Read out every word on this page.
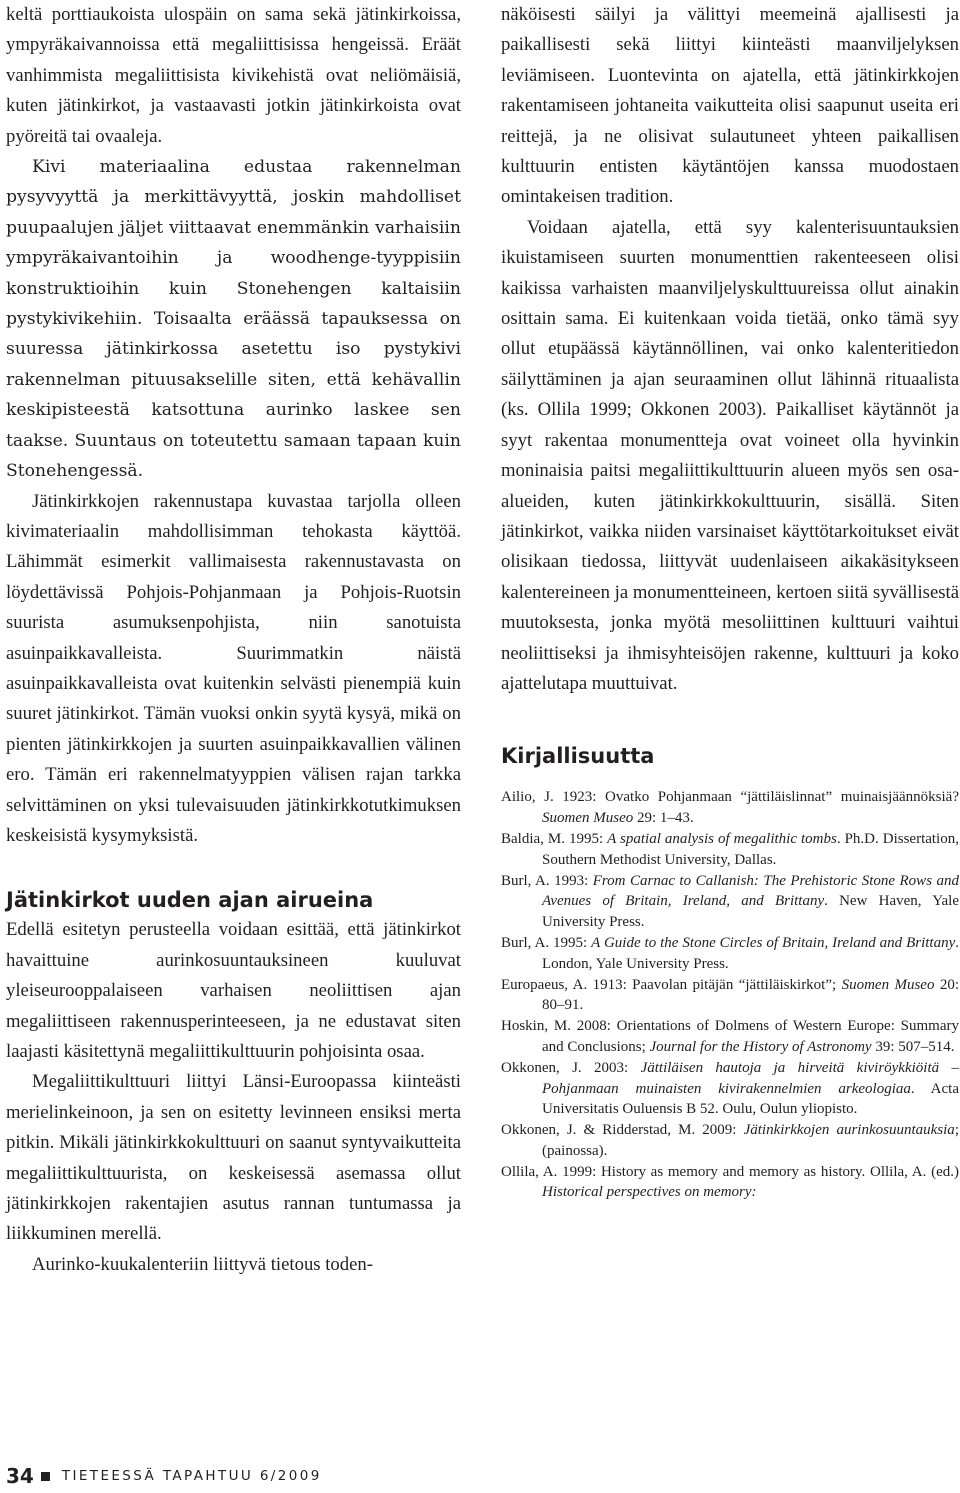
keltä porttiaukoista ulospäin on sama sekä jätinkirkoissa, ympyräkaivannoissa että megaliittisissa hengeissä. Eräät vanhimmista megaliittisista kivikehistä ovat neliömäisiä, kuten jätinkirkot, ja vastaavasti jotkin jätinkirkoista ovat pyöreitä tai ovaaleja.

Kivi materiaalina edustaa rakennelman pysyvyyttä ja merkittävyyttä, joskin mahdolliset puupaalujen jäljet viittaavat enemmänkin varhaisiin ympyräkaivantoihin ja woodhenge-tyyppisiin konstruktioihin kuin Stonehengen kaltaisiin pystykivikehiin. Toisaalta eräässä tapauksessa on suuressa jätinkirkossa asetettu iso pystykivi rakennelman pituusakselille siten, että kehävallin keskipisteestä katsottuna aurinko laskee sen taakse. Suuntaus on toteutettu samaan tapaan kuin Stonehengessä.

Jätinkirkkojen rakennustapa kuvastaa tarjolla olleen kivimateriaalin mahdollisimman tehokasta käyttöä. Lähimmät esimerkit vallimaisesta rakennustavasta on löydettävissä Pohjois-Pohjanmaan ja Pohjois-Ruotsin suurista asumuksenpohjista, niin sanotuista asuinpaikkavalleista. Suurimmatkin näistä asuinpaikkavalleista ovat kuitenkin selvästi pienempiä kuin suuret jätinkirkot. Tämän vuoksi onkin syytä kysyä, mikä on pienten jätinkirkkojen ja suurten asuinpaikkavallien välinen ero. Tämän eri rakennelmatyyppien välisen rajan tarkka selvittäminen on yksi tulevaisuuden jätinkirkkotutkimuksen keskeisistä kysymyksistä.

Jätinkirkot uuden ajan airueina

Edellä esitetyn perusteella voidaan esittää, että jätinkirkot havaittuine aurinkosuuntauksineen kuuluvat yleiseurooppalaiseen varhaisen neoliittisen ajan megaliittiseen rakennusperinteeseen, ja ne edustavat siten laajasti käsitettynä megaliittikulttuurin pohjoisinta osaa.

Megaliittikulttuuri liittyi Länsi-Euroopassa kiinteästi merielinkeinoon, ja sen on esitetty levinneen ensiksi merta pitkin. Mikäli jätinkirkkokulttuuri on saanut syntyvaikutteita megaliittikulttuurista, on keskeisessä asemassa ollut jätinkirkkojen rakentajien asutus rannan tuntumassa ja liikkuminen merellä.

Aurinko-kuukalenteriin liittyvä tietous toden-

näköisesti säilyi ja välittyi meemeinä ajallisesti ja paikallisesti sekä liittyi kiinteästi maanviljelyksen leviämiseen. Luontevinta on ajatella, että jätinkirkkojen rakentamiseen johtaneita vaikutteita olisi saapunut useita eri reittejä, ja ne olisivat sulautuneet yhteen paikallisen kulttuurin entisten käytäntöjen kanssa muodostaen omintakeisen tradition.

Voidaan ajatella, että syy kalenterisuuntauksien ikuistamiseen suurten monumenttien rakenteeseen olisi kaikissa varhaisten maanviljelyskulttuureissa ollut ainakin osittain sama. Ei kuitenkaan voida tietää, onko tämä syy ollut etupäässä käytännöllinen, vai onko kalenteritiedon säilyttäminen ja ajan seuraaminen ollut lähinnä rituaalista (ks. Ollila 1999; Okkonen 2003). Paikalliset käytännöt ja syyt rakentaa monumentteja ovat voineet olla hyvinkin moninaisia paitsi megaliittikulttuurin alueen myös sen osa-alueiden, kuten jätinkirkkokulttuurin, sisällä. Siten jätinkirkot, vaikka niiden varsinaiset käyttötarkoitukset eivät olisikaan tiedossa, liittyvät uudenlaiseen aikakäsitykseen kalentereineen ja monumentteineen, kertoen siitä syvällisestä muutoksesta, jonka myötä mesoliittinen kulttuuri vaihtui neoliittiseksi ja ihmisyhteisöjen rakenne, kulttuuri ja koko ajattelutapa muuttuivat.

Kirjallisuutta

Ailio, J. 1923: Ovatko Pohjanmaan “jättiläislinnat” muinaisjäännöksiä? Suomen Museo 29: 1–43.

Baldia, M. 1995: A spatial analysis of megalithic tombs. Ph.D. Dissertation, Southern Methodist University, Dallas.

Burl, A. 1993: From Carnac to Callanish: The Prehistoric Stone Rows and Avenues of Britain, Ireland, and Brittany. New Haven, Yale University Press.

Burl, A. 1995: A Guide to the Stone Circles of Britain, Ireland and Brittany. London, Yale University Press.

Europaeus, A. 1913: Paavolan pitäjän “jättiläiskirkot”; Suomen Museo 20: 80–91.

Hoskin, M. 2008: Orientations of Dolmens of Western Europe: Summary and Conclusions; Journal for the History of Astronomy 39: 507–514.

Okkonen, J. 2003: Jättiläisen hautoja ja hirveitä kiviröykkiöitä – Pohjanmaan muinaisten kivirakennelmien arkeologiaa. Acta Universitatis Ouluensis B 52. Oulu, Oulun yliopisto.

Okkonen, J. & Ridderstad, M. 2009: Jätinkirkkojen aurinkosuuntauksia; (painossa).

Ollila, A. 1999: History as memory and memory as history. Ollila, A. (ed.) Historical perspectives on memory:

34 TIETEESSÄ TAPAHTUU 6/2009
